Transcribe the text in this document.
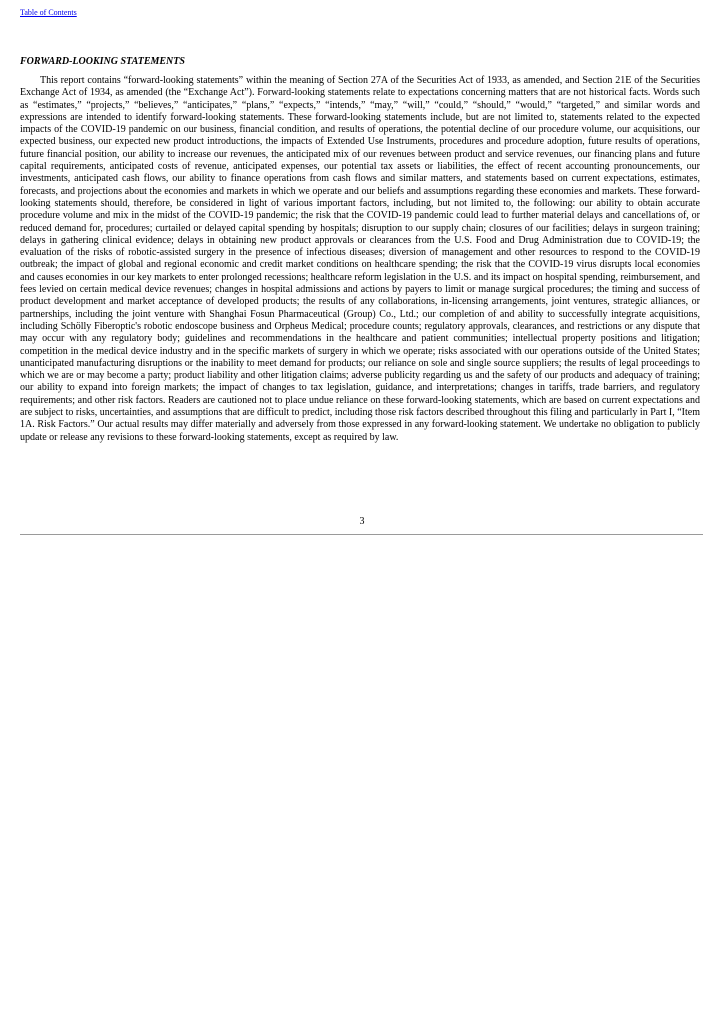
Table of Contents
FORWARD-LOOKING STATEMENTS

This report contains “forward-looking statements” within the meaning of Section 27A of the Securities Act of 1933, as amended, and Section 21E of the Securities Exchange Act of 1934, as amended (the “Exchange Act”). Forward-looking statements relate to expectations concerning matters that are not historical facts. Words such as “estimates,” “projects,” “believes,” “anticipates,” “plans,” “expects,” “intends,” “may,” “will,” “could,” “should,” “would,” “targeted,” and similar words and expressions are intended to identify forward-looking statements. These forward-looking statements include, but are not limited to, statements related to the expected impacts of the COVID-19 pandemic on our business, financial condition, and results of operations, the potential decline of our procedure volume, our acquisitions, our expected business, our expected new product introductions, the impacts of Extended Use Instruments, procedures and procedure adoption, future results of operations, future financial position, our ability to increase our revenues, the anticipated mix of our revenues between product and service revenues, our financing plans and future capital requirements, anticipated costs of revenue, anticipated expenses, our potential tax assets or liabilities, the effect of recent accounting pronouncements, our investments, anticipated cash flows, our ability to finance operations from cash flows and similar matters, and statements based on current expectations, estimates, forecasts, and projections about the economies and markets in which we operate and our beliefs and assumptions regarding these economies and markets. These forward-looking statements should, therefore, be considered in light of various important factors, including, but not limited to, the following: our ability to obtain accurate procedure volume and mix in the midst of the COVID-19 pandemic; the risk that the COVID-19 pandemic could lead to further material delays and cancellations of, or reduced demand for, procedures; curtailed or delayed capital spending by hospitals; disruption to our supply chain; closures of our facilities; delays in surgeon training; delays in gathering clinical evidence; delays in obtaining new product approvals or clearances from the U.S. Food and Drug Administration due to COVID-19; the evaluation of the risks of robotic-assisted surgery in the presence of infectious diseases; diversion of management and other resources to respond to the COVID-19 outbreak; the impact of global and regional economic and credit market conditions on healthcare spending; the risk that the COVID-19 virus disrupts local economies and causes economies in our key markets to enter prolonged recessions; healthcare reform legislation in the U.S. and its impact on hospital spending, reimbursement, and fees levied on certain medical device revenues; changes in hospital admissions and actions by payers to limit or manage surgical procedures; the timing and success of product development and market acceptance of developed products; the results of any collaborations, in-licensing arrangements, joint ventures, strategic alliances, or partnerships, including the joint venture with Shanghai Fosun Pharmaceutical (Group) Co., Ltd.; our completion of and ability to successfully integrate acquisitions, including Schölly Fiberoptic's robotic endoscope business and Orpheus Medical; procedure counts; regulatory approvals, clearances, and restrictions or any dispute that may occur with any regulatory body; guidelines and recommendations in the healthcare and patient communities; intellectual property positions and litigation; competition in the medical device industry and in the specific markets of surgery in which we operate; risks associated with our operations outside of the United States; unanticipated manufacturing disruptions or the inability to meet demand for products; our reliance on sole and single source suppliers; the results of legal proceedings to which we are or may become a party; product liability and other litigation claims; adverse publicity regarding us and the safety of our products and adequacy of training; our ability to expand into foreign markets; the impact of changes to tax legislation, guidance, and interpretations; changes in tariffs, trade barriers, and regulatory requirements; and other risk factors. Readers are cautioned not to place undue reliance on these forward-looking statements, which are based on current expectations and are subject to risks, uncertainties, and assumptions that are difficult to predict, including those risk factors described throughout this filing and particularly in Part I, “Item 1A. Risk Factors.” Our actual results may differ materially and adversely from those expressed in any forward-looking statement. We undertake no obligation to publicly update or release any revisions to these forward-looking statements, except as required by law.

3
